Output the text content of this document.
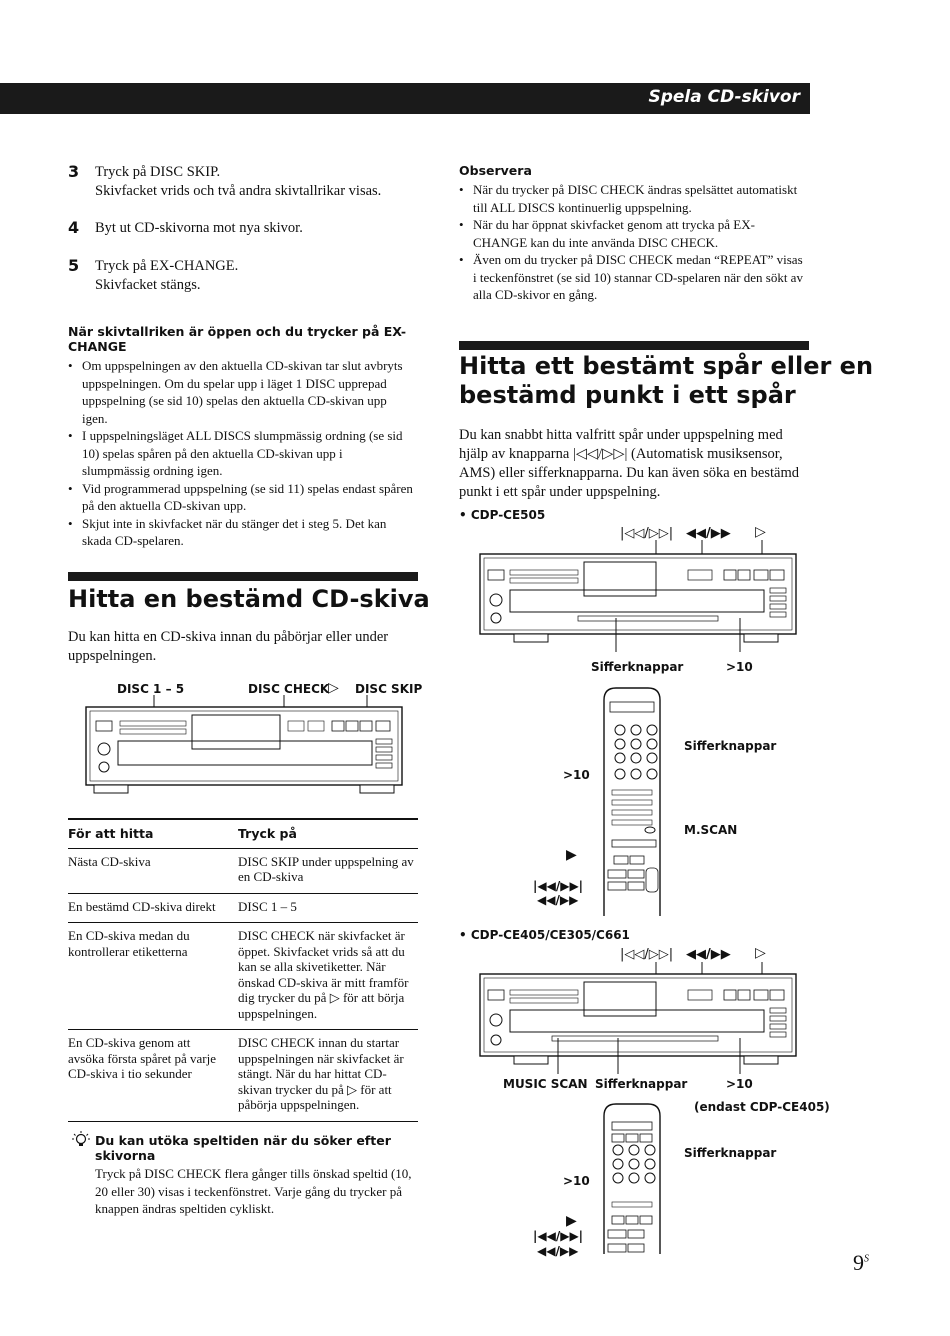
Spela CD-skivor
3 Tryck på DISC SKIP.
Skivfacket vrids och två andra skivtallrikar visas.
4 Byt ut CD-skivorna mot nya skivor.
5 Tryck på EX-CHANGE.
Skivfacket stängs.
När skivtallriken är öppen och du trycker på EX-CHANGE
• Om uppspelningen av den aktuella CD-skivan tar slut avbryts uppspelningen. Om du spelar upp i läget 1 DISC upprepad uppspelning (se sid 10) spelas den aktuella CD-skivan upp igen.
• I uppspelningsläget ALL DISCS slumpmässig ordning (se sid 10) spelas spåren på den aktuella CD-skivan upp i slumpmässig ordning igen.
• Vid programmerad uppspelning (se sid 11) spelas endast spåren på den aktuella CD-skivan upp.
• Skjut inte in skivfacket när du stänger det i steg 5. Det kan skada CD-spelaren.
Observera
• När du trycker på DISC CHECK ändras spelsättet automatiskt till ALL DISCS kontinuerlig uppspelning.
• När du har öppnat skivfacket genom att trycka på EX-CHANGE kan du inte använda DISC CHECK.
• Även om du trycker på DISC CHECK medan “REPEAT” visas i teckenfönstret (se sid 10) stannar CD-spelaren när den sökt av alla CD-skivor en gång.
Hitta en bestämd CD-skiva
Du kan hitta en CD-skiva innan du påbörjar eller under uppspelningen.
DISC 1 – 5	DISC CHECK
▷ DISC SKIP
För att hitta	Tryck på
Nästa CD-skiva	DISC SKIP under uppspelning av en CD-skiva
En bestämd CD-skiva direkt	DISC 1 – 5
En CD-skiva medan du kontrollerar etiketterna	DISC CHECK när skivfacket är öppet. Skivfacket vrids så att du kan se alla skivetiketter. När önskad CD-skiva är mitt framför dig trycker du på ▷ för att börja uppspelningen.
En CD-skiva genom att avsöka första spåret på varje CD-skiva i tio sekunder	DISC CHECK innan du startar uppspelningen när skivfacket är stängt. När du har hittat CD-skivan trycker du på ▷ för att påbörja uppspelningen.
Du kan utöka speltiden när du söker efter skivorna
Tryck på DISC CHECK flera gånger tills önskad speltid (10, 20 eller 30) visas i teckenfönstret. Varje gång du trycker på knappen ändras speltiden cykliskt.
Hitta ett bestämt spår eller en
bestämd punkt i ett spår
Du kan snabbt hitta valfritt spår under uppspelning med hjälp av knapparna |◁◁/▷▷| (Automatisk musiksensor, AMS) eller sifferknapparna. Du kan även söka en bestämd punkt i ett spår under uppspelning.
• CDP-CE505
|◁◁/▷▷| ◀◀/▶▶ ▷
Sifferknappar	>10
Sifferknappar
>10
M.SCAN
▶
|◀◀/▶▶|
◀◀/▶▶
• CDP-CE405/CE305/C661
|◁◁/▷▷| ◀◀/▶▶ ▷
MUSIC SCAN Sifferknappar	>10
(endast CDP-CE405)
Sifferknappar
>10
▶
|◀◀/▶▶|
◀◀/▶▶	$9^S$
